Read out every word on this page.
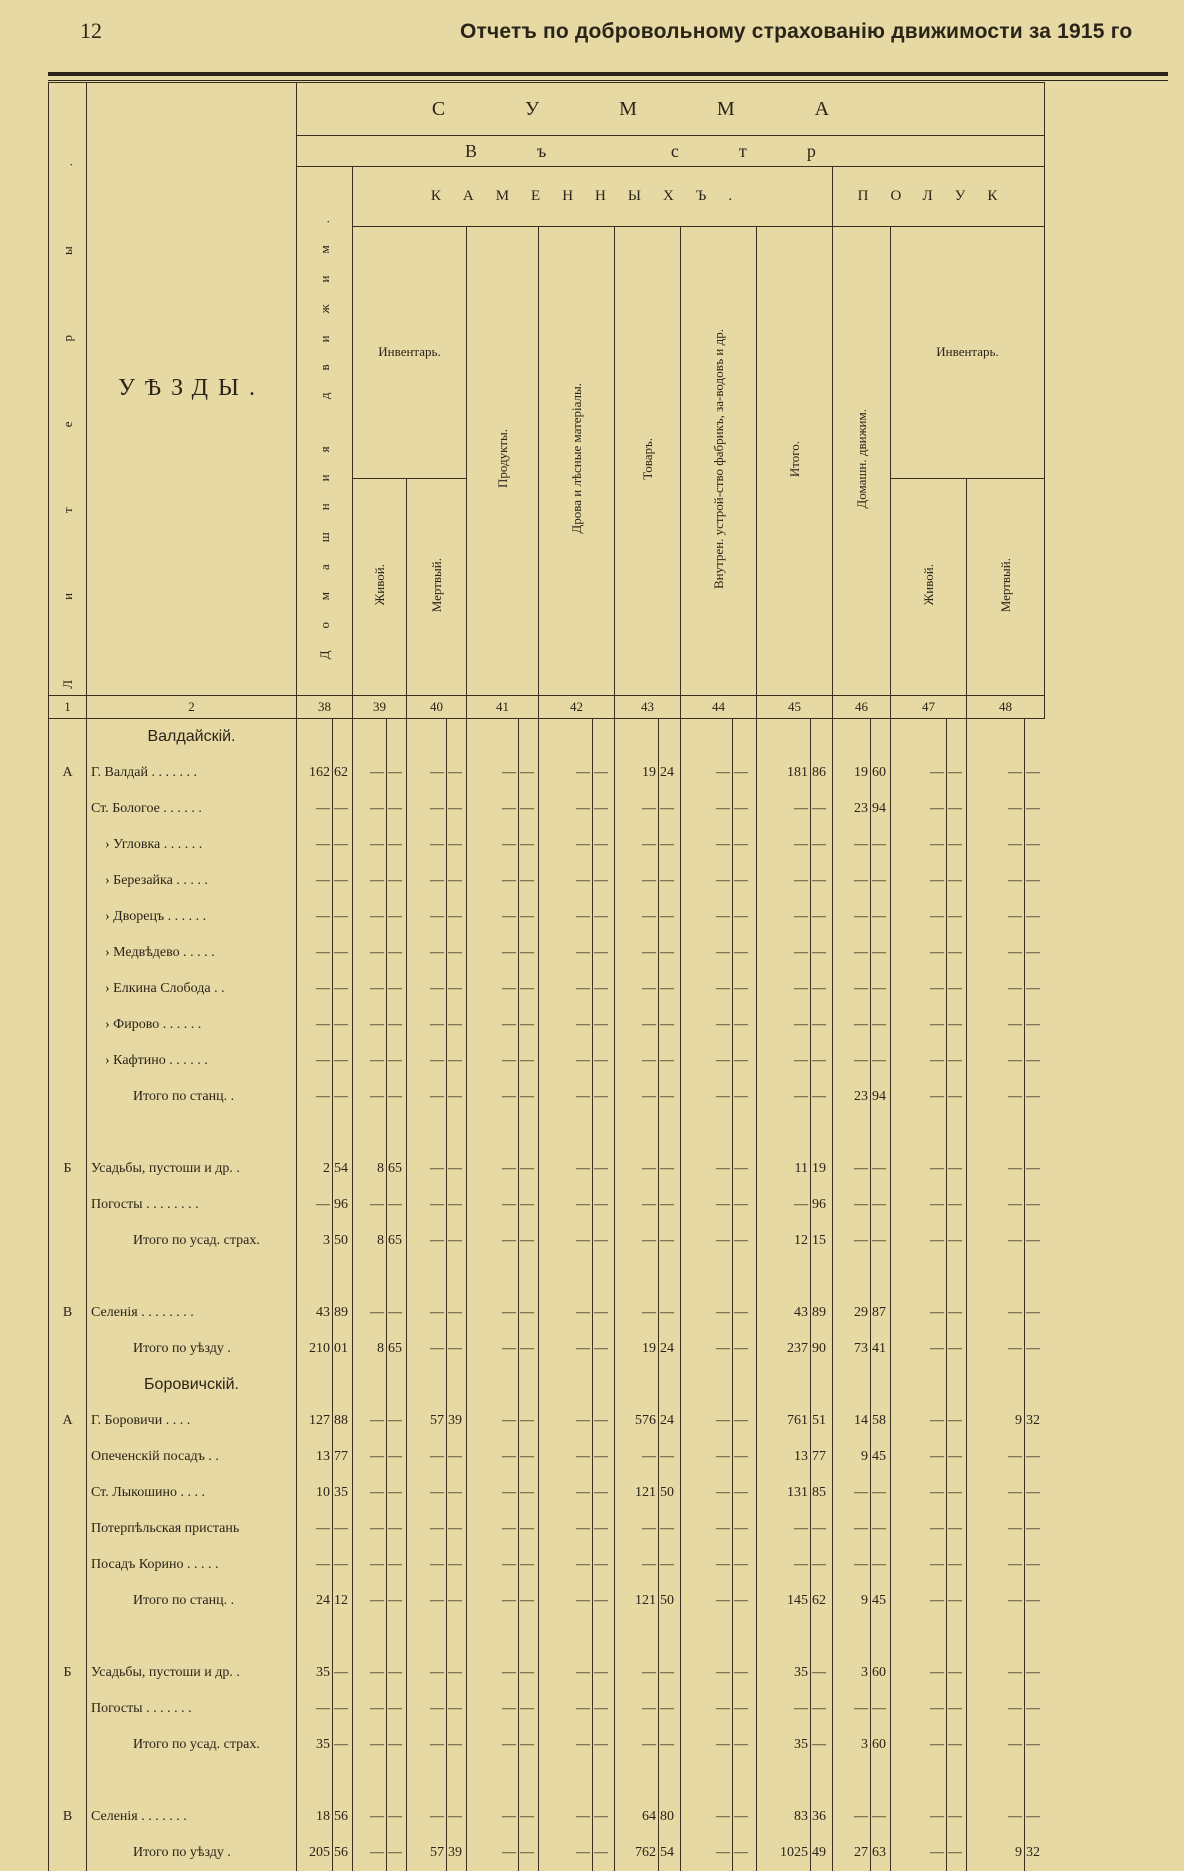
12	Отчетъ по добровольному страхованію движимости за 1915 го
Литеры.	УѢЗДЫ.	СУММА																					
		Въ стр																					
		Домашния движим.		КАМЕННЫХЪ.														ПОЛУК					
				Инвентарь.				Продукты.		Дрова и лѣсные матеріалы.		Товаръ.		Внутрен. устрой-ство фабрикъ, за-водовъ и др.		Итого.		Домашн. движим.		Инвентарь.			
				Живой.		Мертвый.														Живой.		Мертвый.	
1	2	38		39		40		41		42		43		44		45		46		47		48	
	Валдайскій.																						
А	Г. Валдай . . . . . . .	162	62	—	—	—	—	—	—	—	—	19	24	—	—	181	86	19	60	—	—	—	—
	Ст. Бологое . . . . . .	—	—	—	—	—	—	—	—	—	—	—	—	—	—	—	—	23	94	—	—	—	—
	› Угловка . . . . . .	—	—	—	—	—	—	—	—	—	—	—	—	—	—	—	—	—	—	—	—	—	—
	› Березайка . . . . .	—	—	—	—	—	—	—	—	—	—	—	—	—	—	—	—	—	—	—	—	—	—
	› Дворецъ . . . . . .	—	—	—	—	—	—	—	—	—	—	—	—	—	—	—	—	—	—	—	—	—	—
	› Медвѣдево . . . . .	—	—	—	—	—	—	—	—	—	—	—	—	—	—	—	—	—	—	—	—	—	—
	› Елкина Слобода . .	—	—	—	—	—	—	—	—	—	—	—	—	—	—	—	—	—	—	—	—	—	—
	› Фирово . . . . . .	—	—	—	—	—	—	—	—	—	—	—	—	—	—	—	—	—	—	—	—	—	—
	› Кафтино . . . . . .	—	—	—	—	—	—	—	—	—	—	—	—	—	—	—	—	—	—	—	—	—	—
	Итого по станц. .	—	—	—	—	—	—	—	—	—	—	—	—	—	—	—	—	23	94	—	—	—	—

Б	Усадьбы, пустоши и др. .	2	54	8	65	—	—	—	—	—	—	—	—	—	—	11	19	—	—	—	—	—	—
	Погосты . . . . . . . .	—	96	—	—	—	—	—	—	—	—	—	—	—	—	—	96	—	—	—	—	—	—
	Итого по усад. страх.	3	50	8	65	—	—	—	—	—	—	—	—	—	—	12	15	—	—	—	—	—	—

В	Селенія . . . . . . . .	43	89	—	—	—	—	—	—	—	—	—	—	—	—	43	89	29	87	—	—	—	—
	Итого по уѣзду .	210	01	8	65	—	—	—	—	—	—	19	24	—	—	237	90	73	41	—	—	—	—
	Боровичскій.																						
А	Г. Боровичи . . . .	127	88	—	—	57	39	—	—	—	—	576	24	—	—	761	51	14	58	—	—	9	32
	Опеченскій посадъ . .	13	77	—	—	—	—	—	—	—	—	—	—	—	—	13	77	9	45	—	—	—	—
	Ст. Лыкошино . . . .	10	35	—	—	—	—	—	—	—	—	121	50	—	—	131	85	—	—	—	—	—	—
	Потерпѣльская пристань	—	—	—	—	—	—	—	—	—	—	—	—	—	—	—	—	—	—	—	—	—	—
	Посадъ Корино . . . . .	—	—	—	—	—	—	—	—	—	—	—	—	—	—	—	—	—	—	—	—	—	—
	Итого по станц. .	24	12	—	—	—	—	—	—	—	—	121	50	—	—	145	62	9	45	—	—	—	—

Б	Усадьбы, пустоши и др. .	35	—	—	—	—	—	—	—	—	—	—	—	—	—	35	—	3	60	—	—	—	—
	Погосты . . . . . . .	—	—	—	—	—	—	—	—	—	—	—	—	—	—	—	—	—	—	—	—	—	—
	Итого по усад. страх.	35	—	—	—	—	—	—	—	—	—	—	—	—	—	35	—	3	60	—	—	—	—

В	Селенія . . . . . . .	18	56	—	—	—	—	—	—	—	—	64	80	—	—	83	36	—	—	—	—	—	—
	Итого по уѣзду .	205	56	—	—	57	39	—	—	—	—	762	54	—	—	1025	49	27	63	—	—	9	32
